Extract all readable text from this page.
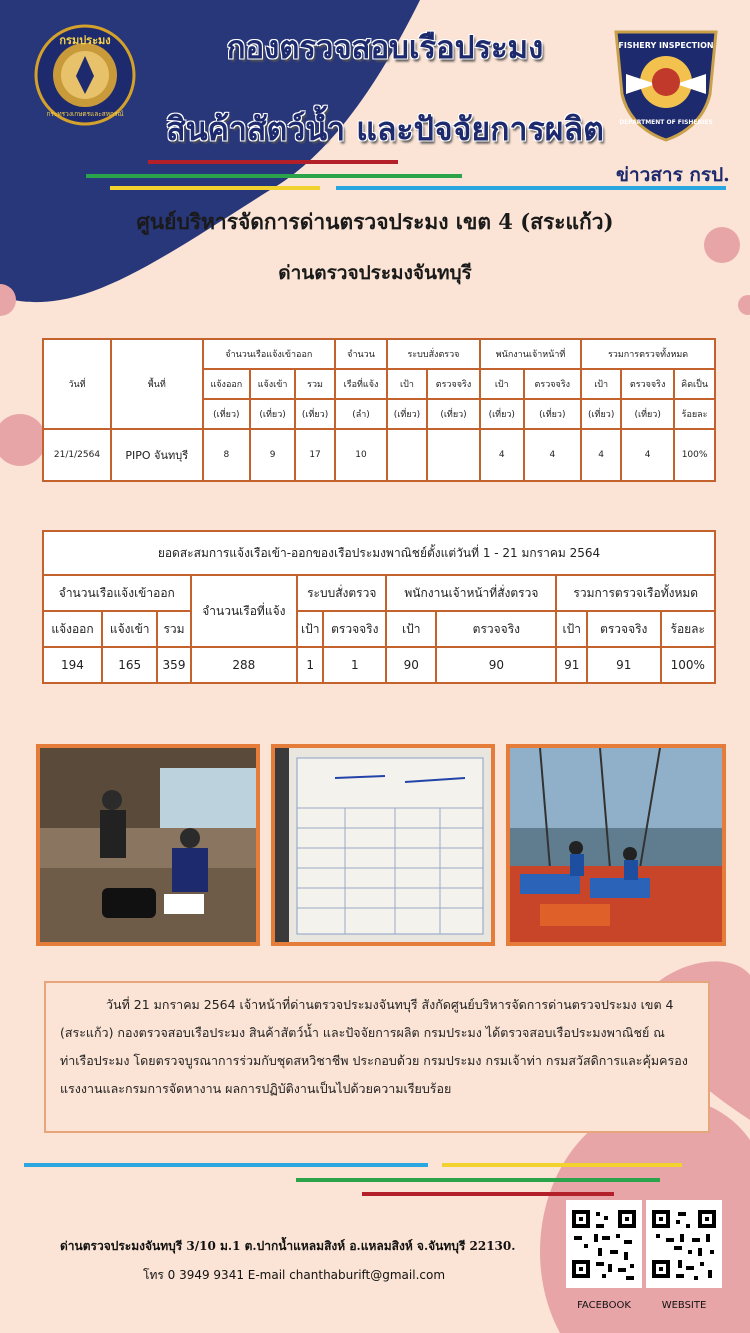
กรมประมง
กระทรวงเกษตรและสหกรณ์
FISHERY INSPECTION
DEPARTMENT OF FISHERIES
กองตรวจสอบเรือประมง
สินค้าสัตว์น้ำ และปัจจัยการผลิต
ข่าวสาร กรป.
ศูนย์บริหารจัดการด่านตรวจประมง เขต 4 (สระแก้ว)
ด่านตรวจประมงจันทบุรี
วันที่	พื้นที่	จำนวนเรือแจ้งเข้าออก			จำนวน	ระบบสั่งตรวจ		พนักงานเจ้าหน้าที่		รวมการตรวจทั้งหมด		
		แจ้งออก	แจ้งเข้า	รวม	เรือที่แจ้ง	เป้า	ตรวจจริง	เป้า	ตรวจจริง	เป้า	ตรวจจริง	คิดเป็น
		(เที่ยว)	(เที่ยว)	(เที่ยว)	(ลำ)	(เที่ยว)	(เที่ยว)	(เที่ยว)	(เที่ยว)	(เที่ยว)	(เที่ยว)	ร้อยละ
21/1/2564	PIPO จันทบุรี	8	9	17	10			4	4	4	4	100%
ยอดสะสมการแจ้งเรือเข้า-ออกของเรือประมงพาณิชย์ตั้งแต่วันที่ 1 - 21 มกราคม 2564										
จำนวนเรือแจ้งเข้าออก			จำนวนเรือที่แจ้ง	ระบบสั่งตรวจ		พนักงานเจ้าหน้าที่สั่งตรวจ		รวมการตรวจเรือทั้งหมด		
แจ้งออก	แจ้งเข้า	รวม		เป้า	ตรวจจริง	เป้า	ตรวจจริง	เป้า	ตรวจจริง	ร้อยละ
194	165	359	288	1	1	90	90	91	91	100%
วันที่ 21 มกราคม 2564 เจ้าหน้าที่ด่านตรวจประมงจันทบุรี สังกัดศูนย์บริหารจัดการด่านตรวจประมง เขต 4 (สระแก้ว) กองตรวจสอบเรือประมง สินค้าสัตว์น้ำ และปัจจัยการผลิต กรมประมง ได้ตรวจสอบเรือประมงพาณิชย์ ณ ท่าเรือประมง โดยตรวจบูรณาการร่วมกับชุดสหวิชาชีพ ประกอบด้วย กรมประมง กรมเจ้าท่า กรมสวัสดิการและคุ้มครองแรงงานและกรมการจัดหางาน ผลการปฏิบัติงานเป็นไปด้วยความเรียบร้อย
ด่านตรวจประมงจันทบุรี 3/10 ม.1 ต.ปากน้ำแหลมสิงห์ อ.แหลมสิงห์ จ.จันทบุรี 22130.
โทร 0 3949 9341 E-mail chanthaburift@gmail.com
FACEBOOK	WEBSITE
